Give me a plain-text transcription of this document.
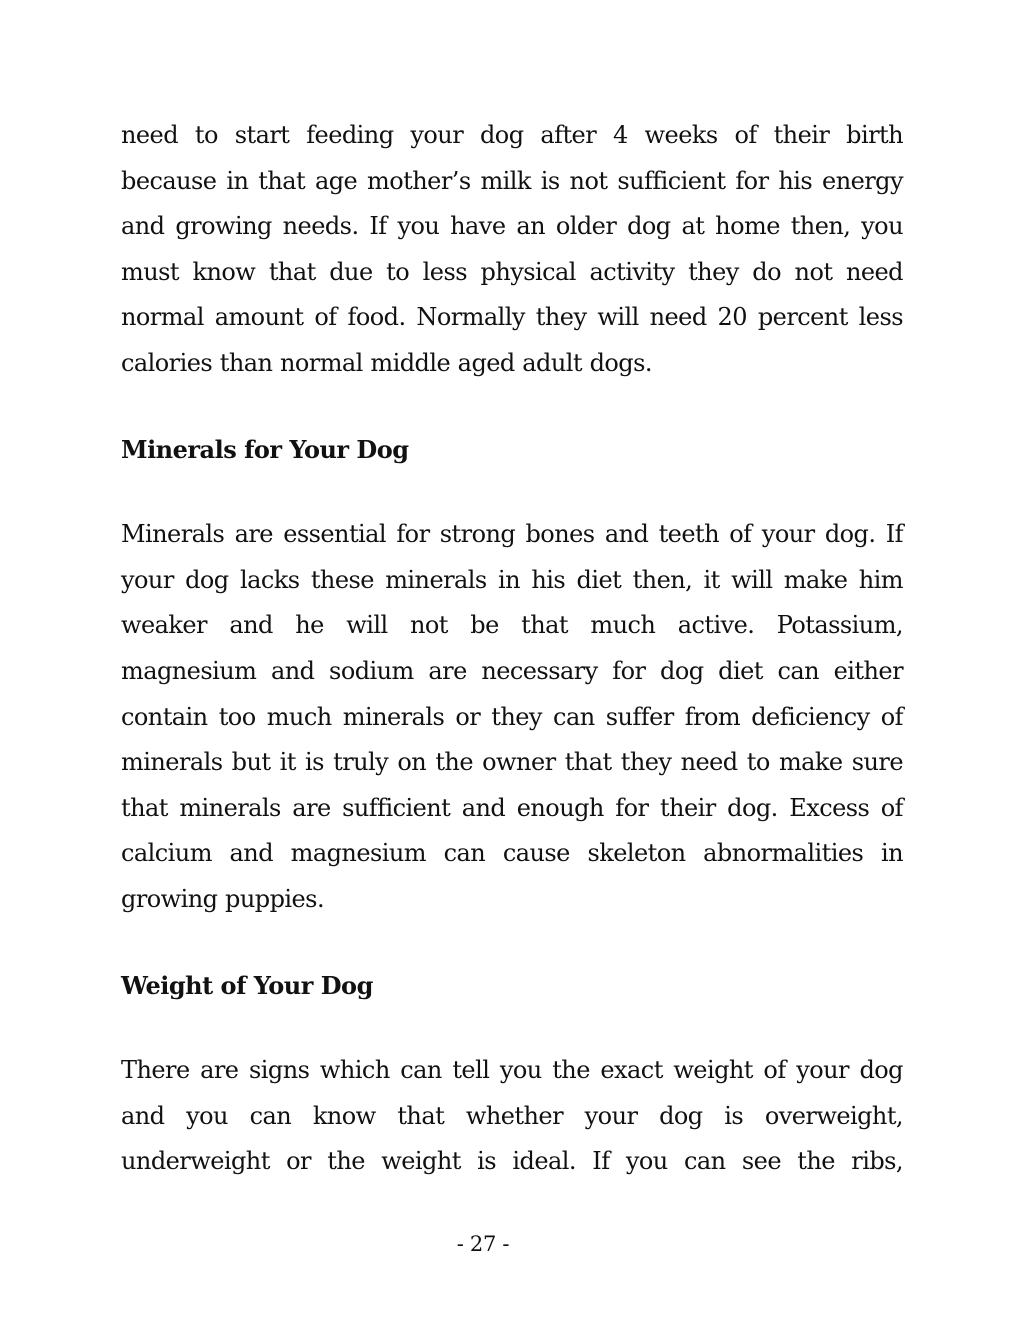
need to start feeding your dog after 4 weeks of their birth because in that age mother’s milk is not sufficient for his energy and growing needs. If you have an older dog at home then, you must know that due to less physical activity they do not need normal amount of food. Normally they will need 20 percent less calories than normal middle aged adult dogs.

Minerals for Your Dog

Minerals are essential for strong bones and teeth of your dog. If your dog lacks these minerals in his diet then, it will make him weaker and he will not be that much active. Potassium, magnesium and sodium are necessary for dog diet can either contain too much minerals or they can suffer from deficiency of minerals but it is truly on the owner that they need to make sure that minerals are sufficient and enough for their dog. Excess of calcium and magnesium can cause skeleton abnormalities in growing puppies.

Weight of Your Dog

There are signs which can tell you the exact weight of your dog and you can know that whether your dog is overweight, underweight or the weight is ideal. If you can see the ribs,

- 27 -
